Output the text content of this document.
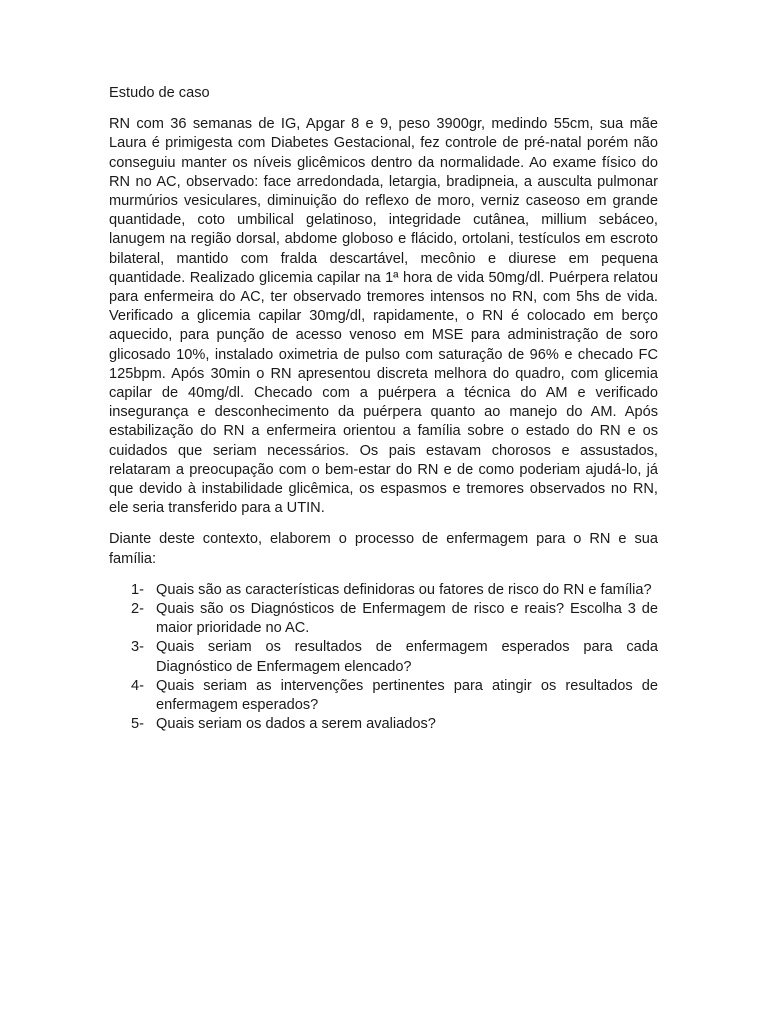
Estudo de caso

RN com 36 semanas de IG, Apgar 8 e 9, peso 3900gr, medindo 55cm, sua mãe Laura é primigesta com Diabetes Gestacional, fez controle de pré-natal porém não conseguiu manter os níveis glicêmicos dentro da normalidade. Ao exame físico do RN no AC, observado: face arredondada, letargia, bradipneia, a ausculta pulmonar murmúrios vesiculares, diminuição do reflexo de moro, verniz caseoso em grande quantidade, coto umbilical gelatinoso, integridade cutânea, millium sebáceo, lanugem na região dorsal, abdome globoso e flácido, ortolani, testículos em escroto bilateral, mantido com fralda descartável, mecônio e diurese em pequena quantidade. Realizado glicemia capilar na 1ª hora de vida 50mg/dl. Puérpera relatou para enfermeira do AC, ter observado tremores intensos no RN, com 5hs de vida. Verificado a glicemia capilar 30mg/dl, rapidamente, o RN é colocado em berço aquecido, para punção de acesso venoso em MSE para administração de soro glicosado 10%, instalado oximetria de pulso com saturação de 96% e checado FC 125bpm. Após 30min o RN apresentou discreta melhora do quadro, com glicemia capilar de 40mg/dl. Checado com a puérpera a técnica do AM e verificado insegurança e desconhecimento da puérpera quanto ao manejo do AM. Após estabilização do RN a enfermeira orientou a família sobre o estado do RN e os cuidados que seriam necessários. Os pais estavam chorosos e assustados, relataram a preocupação com o bem-estar do RN e de como poderiam ajudá-lo, já que devido à instabilidade glicêmica, os espasmos e tremores observados no RN, ele seria transferido para a UTIN.

Diante deste contexto, elaborem o processo de enfermagem para o RN e sua família:

1- Quais são as características definidoras ou fatores de risco do RN e família?
2- Quais são os Diagnósticos de Enfermagem de risco e reais? Escolha 3 de maior prioridade no AC.
3- Quais seriam os resultados de enfermagem esperados para cada Diagnóstico de Enfermagem elencado?
4- Quais seriam as intervenções pertinentes para atingir os resultados de enfermagem esperados?
5- Quais seriam os dados a serem avaliados?
